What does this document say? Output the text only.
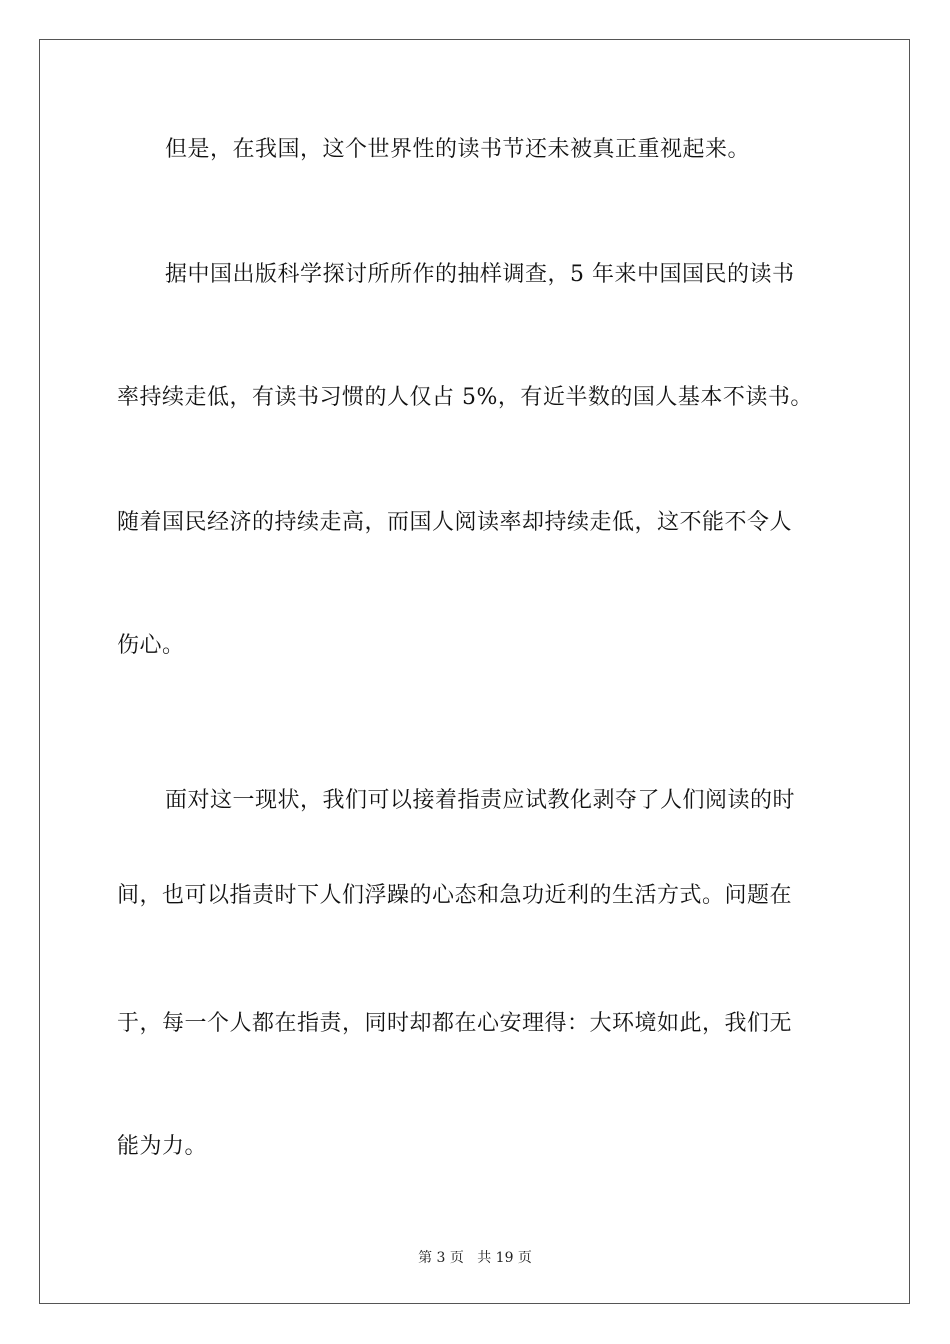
但是，在我国，这个世界性的读书节还未被真正重视起来。
据中国出版科学探讨所所作的抽样调查，5 年来中国国民的读书
率持续走低，有读书习惯的人仅占 5%，有近半数的国人基本不读书。
随着国民经济的持续走高，而国人阅读率却持续走低，这不能不令人
伤心。
面对这一现状，我们可以接着指责应试教化剥夺了人们阅读的时
间，也可以指责时下人们浮躁的心态和急功近利的生活方式。问题在
于，每一个人都在指责，同时却都在心安理得：大环境如此，我们无
能为力。
第 3 页   共 19 页
